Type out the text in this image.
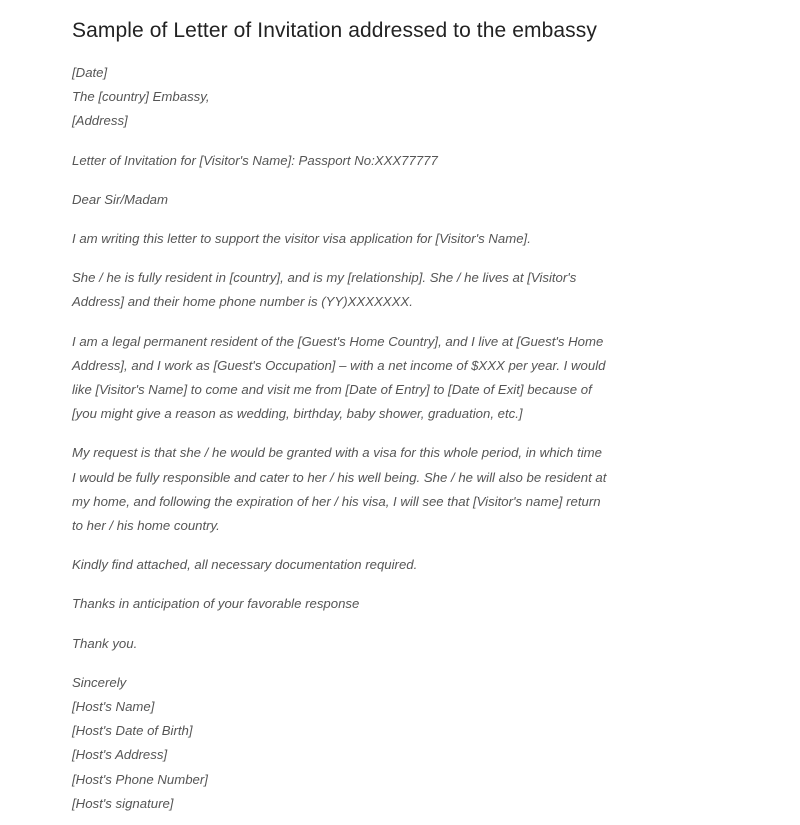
Sample of Letter of Invitation addressed to the embassy
[Date]
The [country] Embassy,
[Address]
Letter of Invitation for [Visitor's Name]: Passport No:XXX77777
Dear Sir/Madam
I am writing this letter to support the visitor visa application for [Visitor's Name].
She / he is fully resident in [country], and is my [relationship]. She / he lives at [Visitor's
Address] and their home phone number is (YY)XXXXXXX.
I am a legal permanent resident of the [Guest's Home Country], and I live at [Guest's Home
Address], and I work as [Guest's Occupation] – with a net income of $XXX per year. I would
like [Visitor's Name] to come and visit me from [Date of Entry] to [Date of Exit] because of
[you might give a reason as wedding, birthday, baby shower, graduation, etc.]
My request is that she / he would be granted with a visa for this whole period, in which time
I would be fully responsible and cater to her / his well being. She / he will also be resident at
my home, and following the expiration of her / his visa, I will see that [Visitor's name] return
to her / his home country.
Kindly find attached, all necessary documentation required.
Thanks in anticipation of your favorable response
Thank you.
Sincerely
[Host's Name]
[Host's Date of Birth]
[Host's Address]
[Host's Phone Number]
[Host's signature]
